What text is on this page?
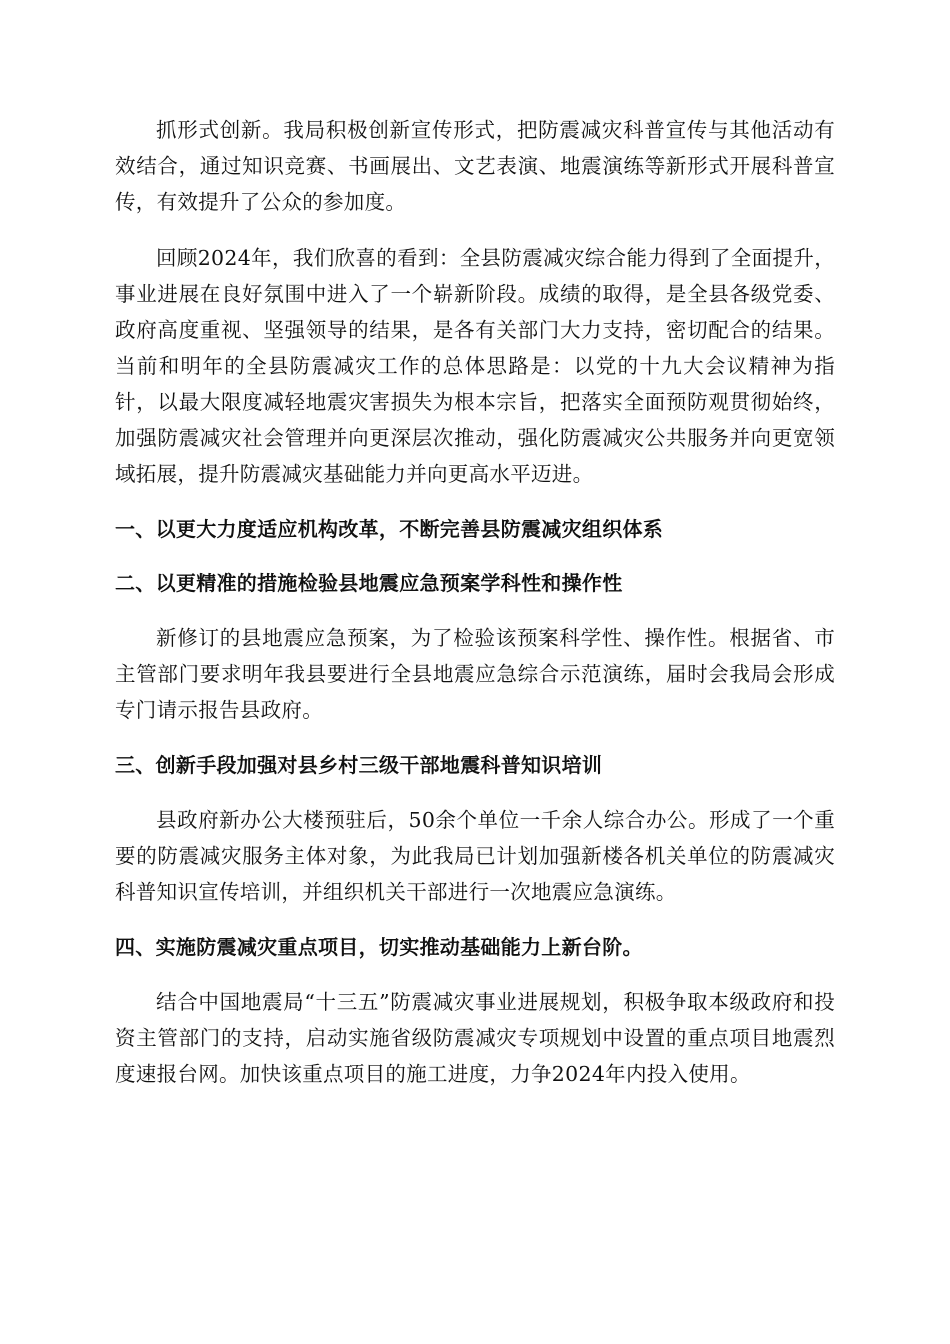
抓形式创新。我局积极创新宣传形式，把防震减灾科普宣传与其他活动有效结合，通过知识竞赛、书画展出、文艺表演、地震演练等新形式开展科普宣传，有效提升了公众的参加度。

回顾2024年，我们欣喜的看到：全县防震减灾综合能力得到了全面提升，事业进展在良好氛围中进入了一个崭新阶段。成绩的取得，是全县各级党委、政府高度重视、坚强领导的结果，是各有关部门大力支持，密切配合的结果。当前和明年的全县防震减灾工作的总体思路是：以党的十九大会议精神为指针，以最大限度减轻地震灾害损失为根本宗旨，把落实全面预防观贯彻始终，加强防震减灾社会管理并向更深层次推动，强化防震减灾公共服务并向更宽领域拓展，提升防震减灾基础能力并向更高水平迈进。

一、以更大力度适应机构改革，不断完善县防震减灾组织体系
二、以更精准的措施检验县地震应急预案学科性和操作性

新修订的县地震应急预案，为了检验该预案科学性、操作性。根据省、市主管部门要求明年我县要进行全县地震应急综合示范演练，届时会我局会形成专门请示报告县政府。

三、创新手段加强对县乡村三级干部地震科普知识培训

县政府新办公大楼预驻后，50余个单位一千余人综合办公。形成了一个重要的防震减灾服务主体对象，为此我局已计划加强新楼各机关单位的防震减灾科普知识宣传培训，并组织机关干部进行一次地震应急演练。

四、实施防震减灾重点项目，切实推动基础能力上新台阶。

结合中国地震局“十三五”防震减灾事业进展规划，积极争取本级政府和投资主管部门的支持，启动实施省级防震减灾专项规划中设置的重点项目地震烈度速报台网。加快该重点项目的施工进度，力争2024年内投入使用。
